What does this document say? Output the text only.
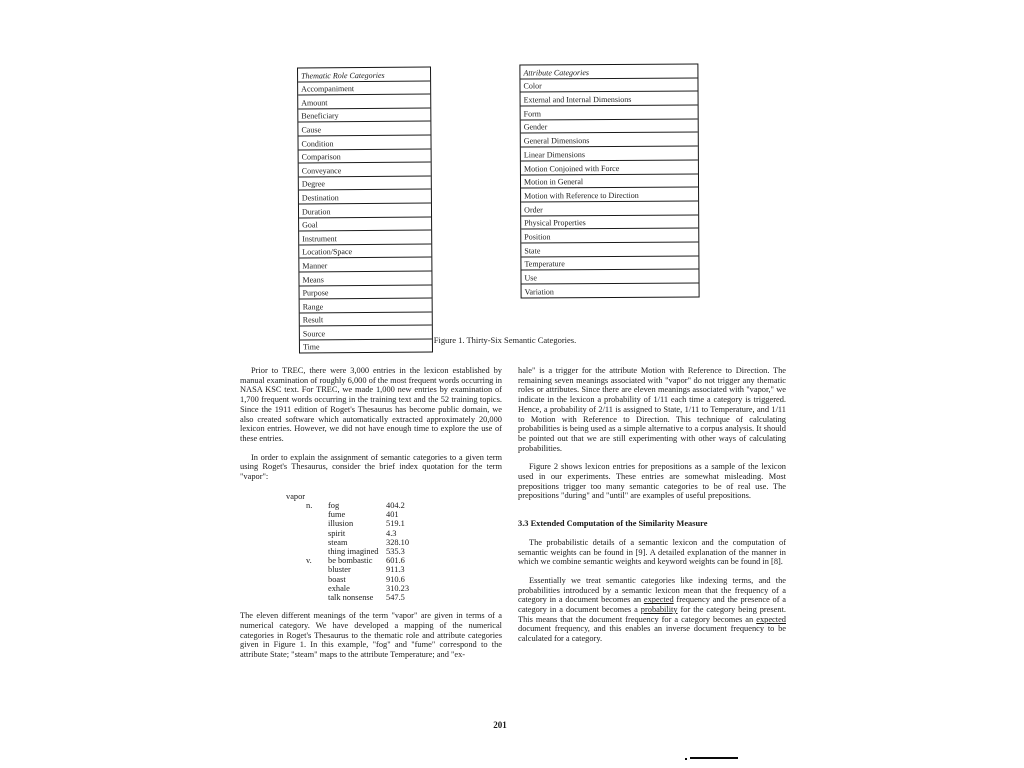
Thematic Role Categories
Accompaniment
Amount
Beneficiary
Cause
Condition
Comparison
Conveyance
Degree
Destination
Duration
Goal
Instrument
Location/Space
Manner
Means
Purpose
Range
Result
Source
Time
Attribute Categories
Color
External and Internal Dimensions
Form
Gender
General Dimensions
Linear Dimensions
Motion Conjoined with Force
Motion in General
Motion with Reference to Direction
Order
Physical Properties
Position
State
Temperature
Use
Variation
Figure 1. Thirty-Six Semantic Categories.

Prior to TREC, there were 3,000 entries in the lexicon established by manual examination of roughly 6,000 of the most frequent words occurring in NASA KSC text. For TREC, we made 1,000 new entries by examination of 1,700 frequent words occurring in the training text and the 52 training topics. Since the 1911 edition of Roget's Thesaurus has become public domain, we also created software which automatically extracted approximately 20,000 lexicon entries. However, we did not have enough time to explore the use of these entries.

In order to explain the assignment of semantic categories to a given term using Roget's Thesaurus, consider the brief index quotation for the term "vapor":

vapor
n.	fog	404.2
fume	401
illusion	519.1
spirit	4.3
steam	328.10
thing imagined 535.3
v.	be bombastic	601.6
bluster	911.3
boast	910.6
exhale	310.23
talk nonsense	547.5

The eleven different meanings of the term "vapor" are given in terms of a numerical category. We have developed a mapping of the numerical categories in Roget's Thesaurus to the thematic role and attribute categories given in Figure 1. In this example, "fog" and "fume" correspond to the attribute State; "steam" maps to the attribute Temperature; and "ex-

hale" is a trigger for the attribute Motion with Reference to Direction. The remaining seven meanings associated with "vapor" do not trigger any thematic roles or attributes. Since there are eleven meanings associated with "vapor," we indicate in the lexicon a probability of 1/11 each time a category is triggered. Hence, a probability of 2/11 is assigned to State, 1/11 to Temperature, and 1/11 to Motion with Reference to Direction. This technique of calculating probabilities is being used as a simple alternative to a corpus analysis. It should be pointed out that we are still experimenting with other ways of calculating probabilities.

Figure 2 shows lexicon entries for prepositions as a sample of the lexicon used in our experiments. These entries are somewhat misleading. Most prepositions trigger too many semantic categories to be of real use. The prepositions "during" and "until" are examples of useful prepositions.

3.3 Extended Computation of the Similarity Measure

The probabilistic details of a semantic lexicon and the computation of semantic weights can be found in [9]. A detailed explanation of the manner in which we combine semantic weights and keyword weights can be found in [8].

Essentially we treat semantic categories like indexing terms, and the probabilities introduced by a semantic lexicon mean that the frequency of a category in a document becomes an expected frequency and the presence of a category in a document becomes a probability for the category being present. This means that the document frequency for a category becomes an expected document frequency, and this enables an inverse document frequency to be calculated for a category.

201
